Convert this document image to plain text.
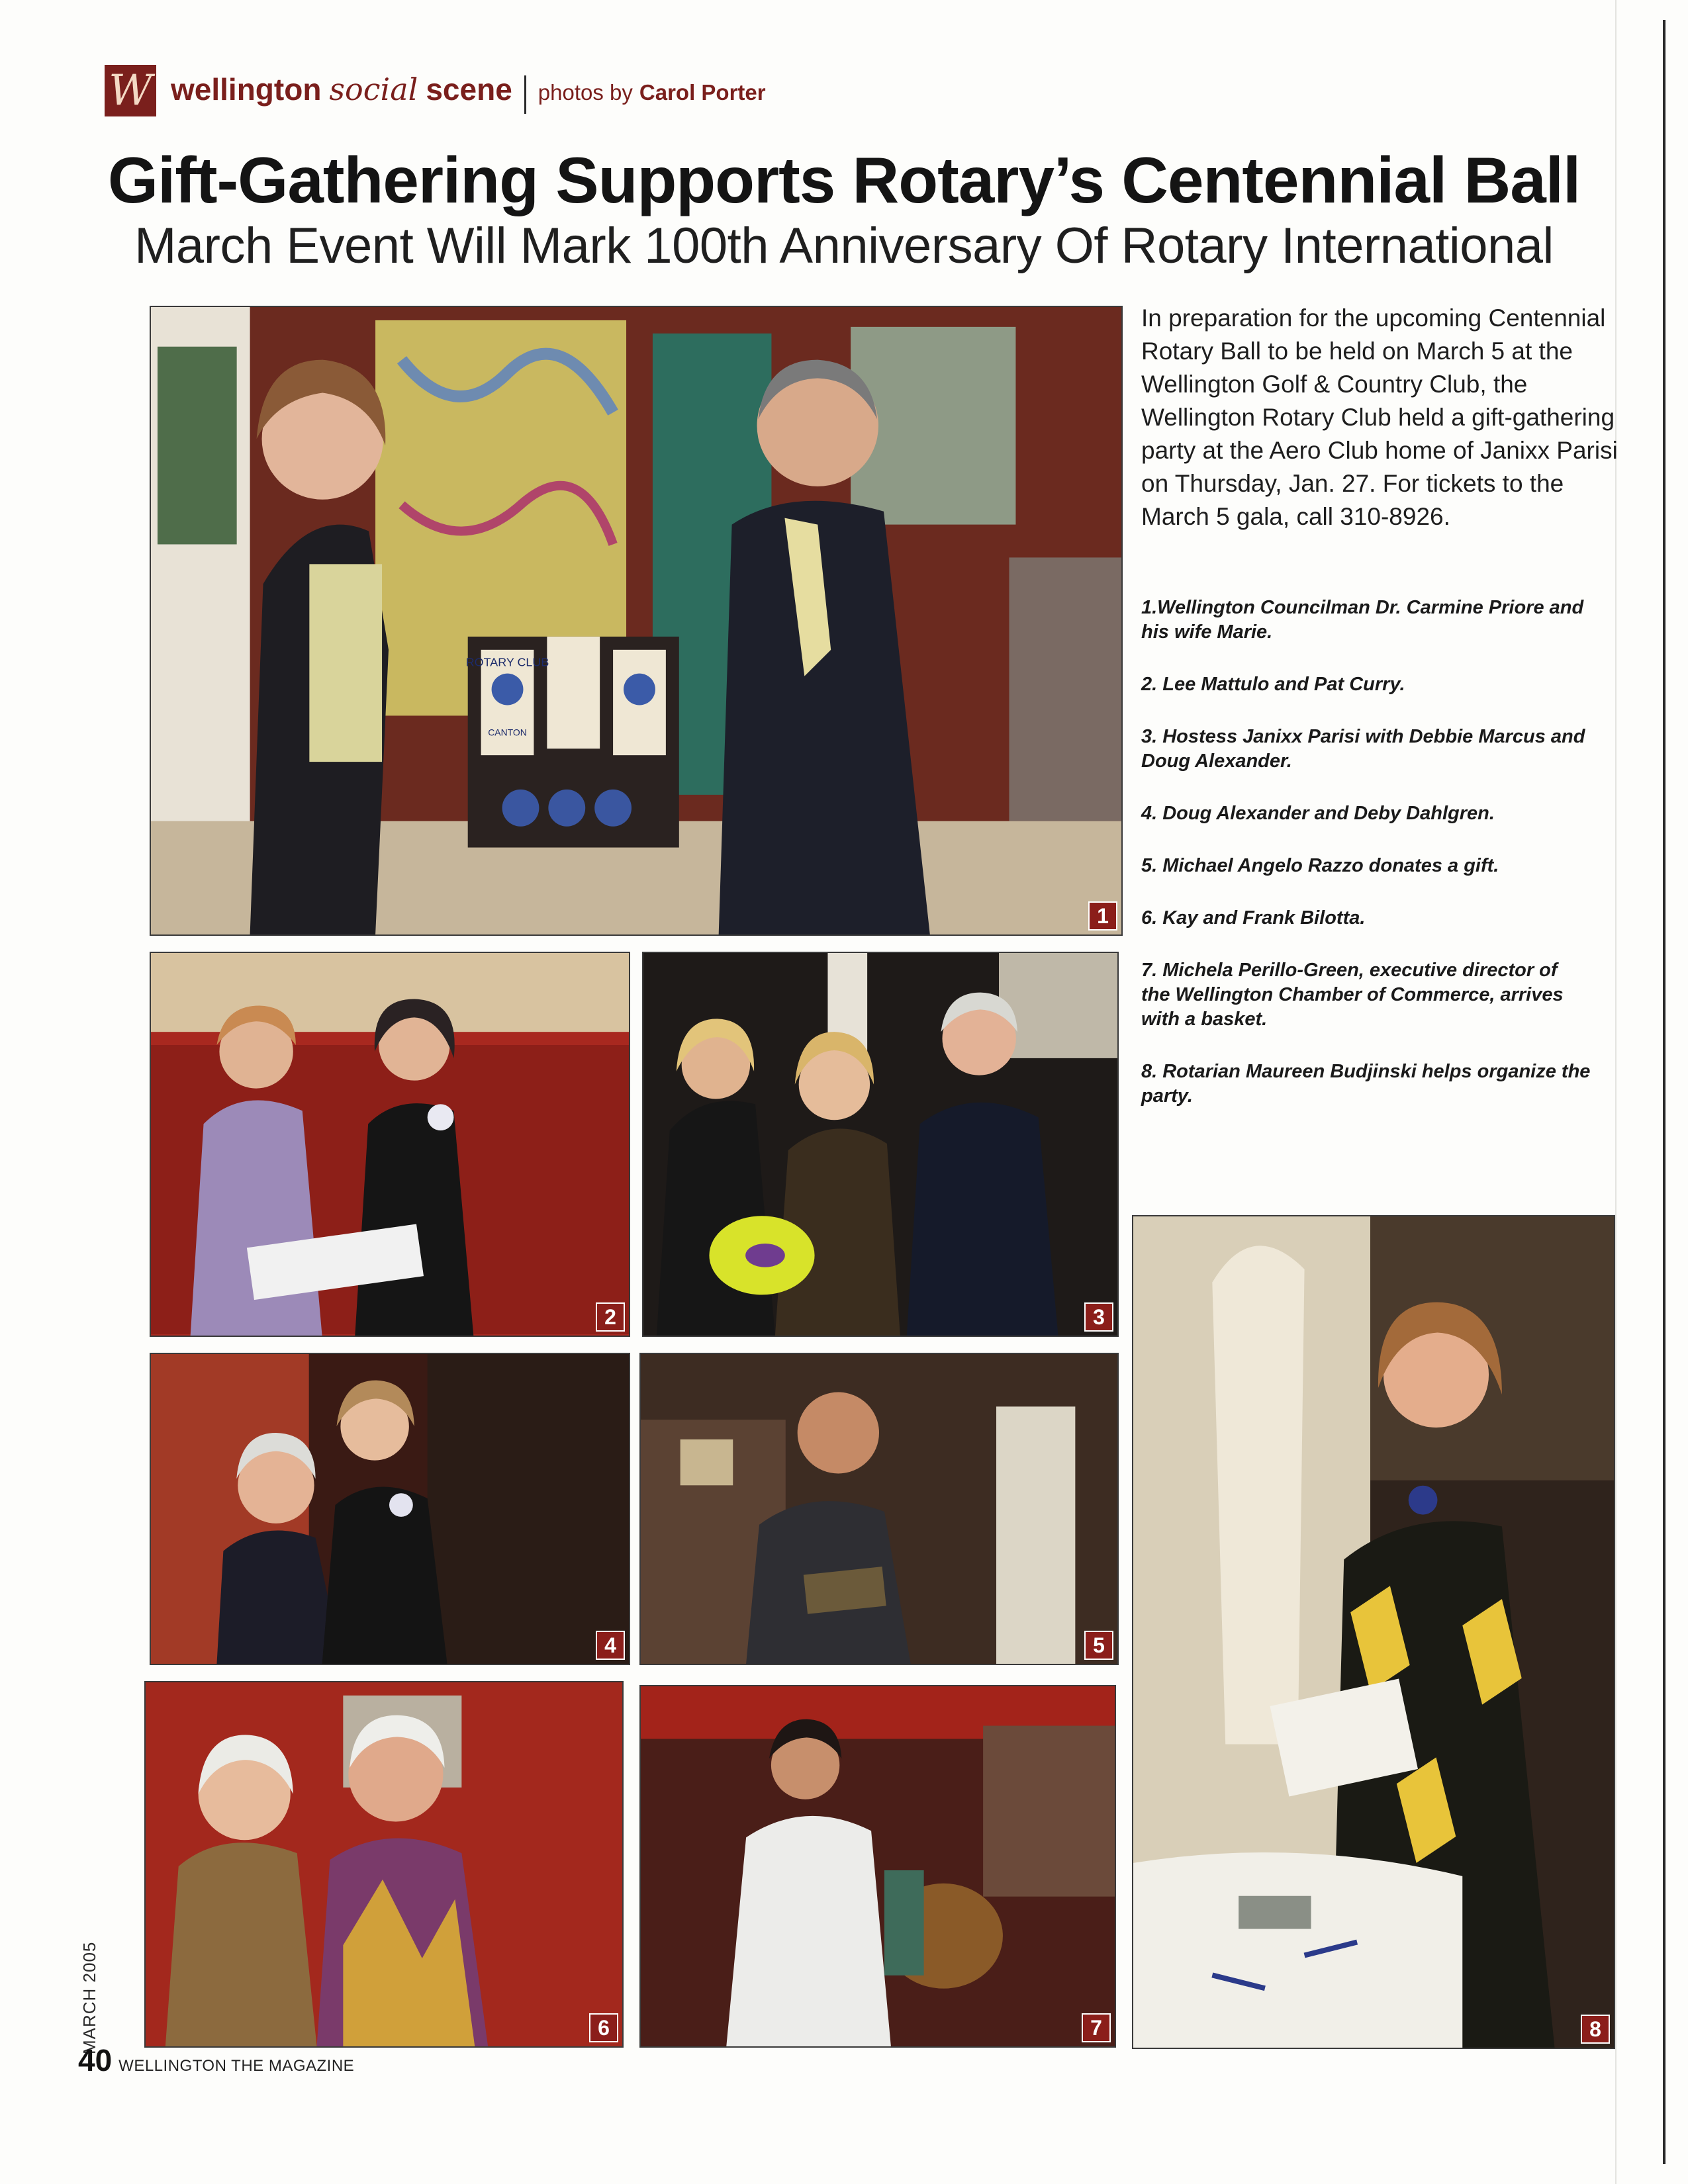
W wellington social scene photos by Carol Porter
Gift-Gathering Supports Rotary’s Centennial Ball
March Event Will Mark 100th Anniversary Of Rotary International
ROTARY CLUB
CANTON
1
2	3
4	5
6	7	8
In preparation for the upcoming Centennial Rotary Ball to be held on March 5 at the Wellington Golf & Country Club, the Wellington Rotary Club held a gift-gathering party at the Aero Club home of Janixx Parisi on Thursday, Jan. 27. For tickets to the March 5 gala, call 310-8926.

1.Wellington Councilman Dr. Carmine Priore and his wife Marie.

2. Lee Mattulo and Pat Curry.

3. Hostess Janixx Parisi with Debbie Marcus and Doug Alexander.

4. Doug Alexander and Deby Dahlgren.

5. Michael Angelo Razzo donates a gift.

6. Kay and Frank Bilotta.

7. Michela Perillo-Green, executive director of the Wellington Chamber of Commerce, arrives with a basket.

8. Rotarian Maureen Budjinski helps organize the party.

MARCH 2005
40 WELLINGTON THE MAGAZINE
